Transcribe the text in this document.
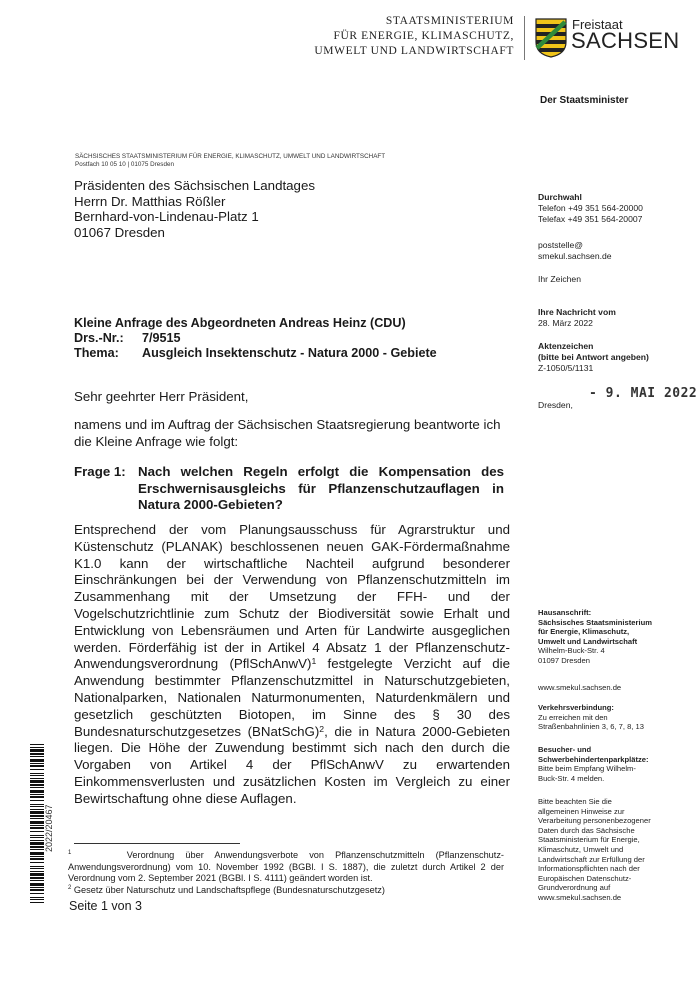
STAATSMINISTERIUM
FÜR ENERGIE, KLIMASCHUTZ,
UMWELT UND LANDWIRTSCHAFT
Freistaat
SACHSEN
Der Staatsminister
SÄCHSISCHES STAATSMINISTERIUM FÜR ENERGIE, KLIMASCHUTZ, UMWELT UND LANDWIRTSCHAFT
Postfach 10 05 10 | 01075 Dresden
Präsidenten des Sächsischen Landtages
Herrn Dr. Matthias Rößler
Bernhard-von-Lindenau-Platz 1
01067 Dresden
Durchwahl
Telefon +49 351 564-20000
Telefax +49 351 564-20007
poststelle@
smekul.sachsen.de
Ihr Zeichen
Ihre Nachricht vom
28. März 2022
Aktenzeichen
(bitte bei Antwort angeben)
Z-1050/5/1131
Dresden,
- 9. MAI 2022
Kleine Anfrage des Abgeordneten Andreas Heinz (CDU)
Drs.-Nr.:	7/9515
Thema:	Ausgleich Insektenschutz - Natura 2000 - Gebiete
Sehr geehrter Herr Präsident,
namens und im Auftrag der Sächsischen Staatsregierung beantworte ich die Kleine Anfrage wie folgt:
Frage 1: Nach welchen Regeln erfolgt die Kompensation des Erschwernisausgleichs für Pflanzenschutzauflagen in Natura 2000-Gebieten?
Entsprechend der vom Planungsausschuss für Agrarstruktur und Küstenschutz (PLANAK) beschlossenen neuen GAK-Fördermaßnahme K1.0 kann der wirtschaftliche Nachteil aufgrund besonderer Einschränkungen bei der Verwendung von Pflanzenschutzmitteln im Zusammenhang mit der Umsetzung der FFH- und der Vogelschutzrichtlinie zum Schutz der Biodiversität sowie Erhalt und Entwicklung von Lebensräumen und Arten für Landwirte ausgeglichen werden. Förderfähig ist der in Artikel 4 Absatz 1 der Pflanzenschutz-Anwendungsverordnung (PflSchAnwV)$^1$ festgelegte Verzicht auf die Anwendung bestimmter Pflanzenschutzmittel in Naturschutzgebieten, Nationalparken, Nationalen Naturmonumenten, Naturdenkmälern und gesetzlich geschützten Biotopen, im Sinne des § 30 des Bundesnaturschutzgesetzes (BNatSchG)$^2$, die in Natura 2000-Gebieten liegen. Die Höhe der Zuwendung bestimmt sich nach den durch die Vorgaben von Artikel 4 der PflSchAnwV zu erwartenden Einkommensverlusten und zusätzlichen Kosten im Vergleich zu einer Bewirtschaftung ohne diese Auflagen.
$^1$	Verordnung über Anwendungsverbote von Pflanzenschutzmitteln (Pflanzenschutz-Anwendungsverordnung) vom 10. November 1992 (BGBl. I S. 1887), die zuletzt durch Artikel 2 der Verordnung vom 2. September 2021 (BGBl. I S. 4111) geändert worden ist.
$^2$ Gesetz über Naturschutz und Landschaftspflege (Bundesnaturschutzgesetz)
Seite 1 von 3
Hausanschrift:
Sächsisches Staatsministerium
für Energie, Klimaschutz,
Umwelt und Landwirtschaft
Wilhelm-Buck-Str. 4
01097 Dresden
www.smekul.sachsen.de
Verkehrsverbindung:
Zu erreichen mit den
Straßenbahnlinien 3, 6, 7, 8, 13
Besucher- und
Schwerbehindertenparkplätze:
Bitte beim Empfang Wilhelm-
Buck-Str. 4 melden.
Bitte beachten Sie die
allgemeinen Hinweise zur
Verarbeitung personenbezogener
Daten durch das Sächsische
Staatsministerium für Energie,
Klimaschutz, Umwelt und
Landwirtschaft zur Erfüllung der
Informationspflichten nach der
Europäischen Datenschutz-
Grundverordnung auf
www.smekul.sachsen.de
2022/20467
